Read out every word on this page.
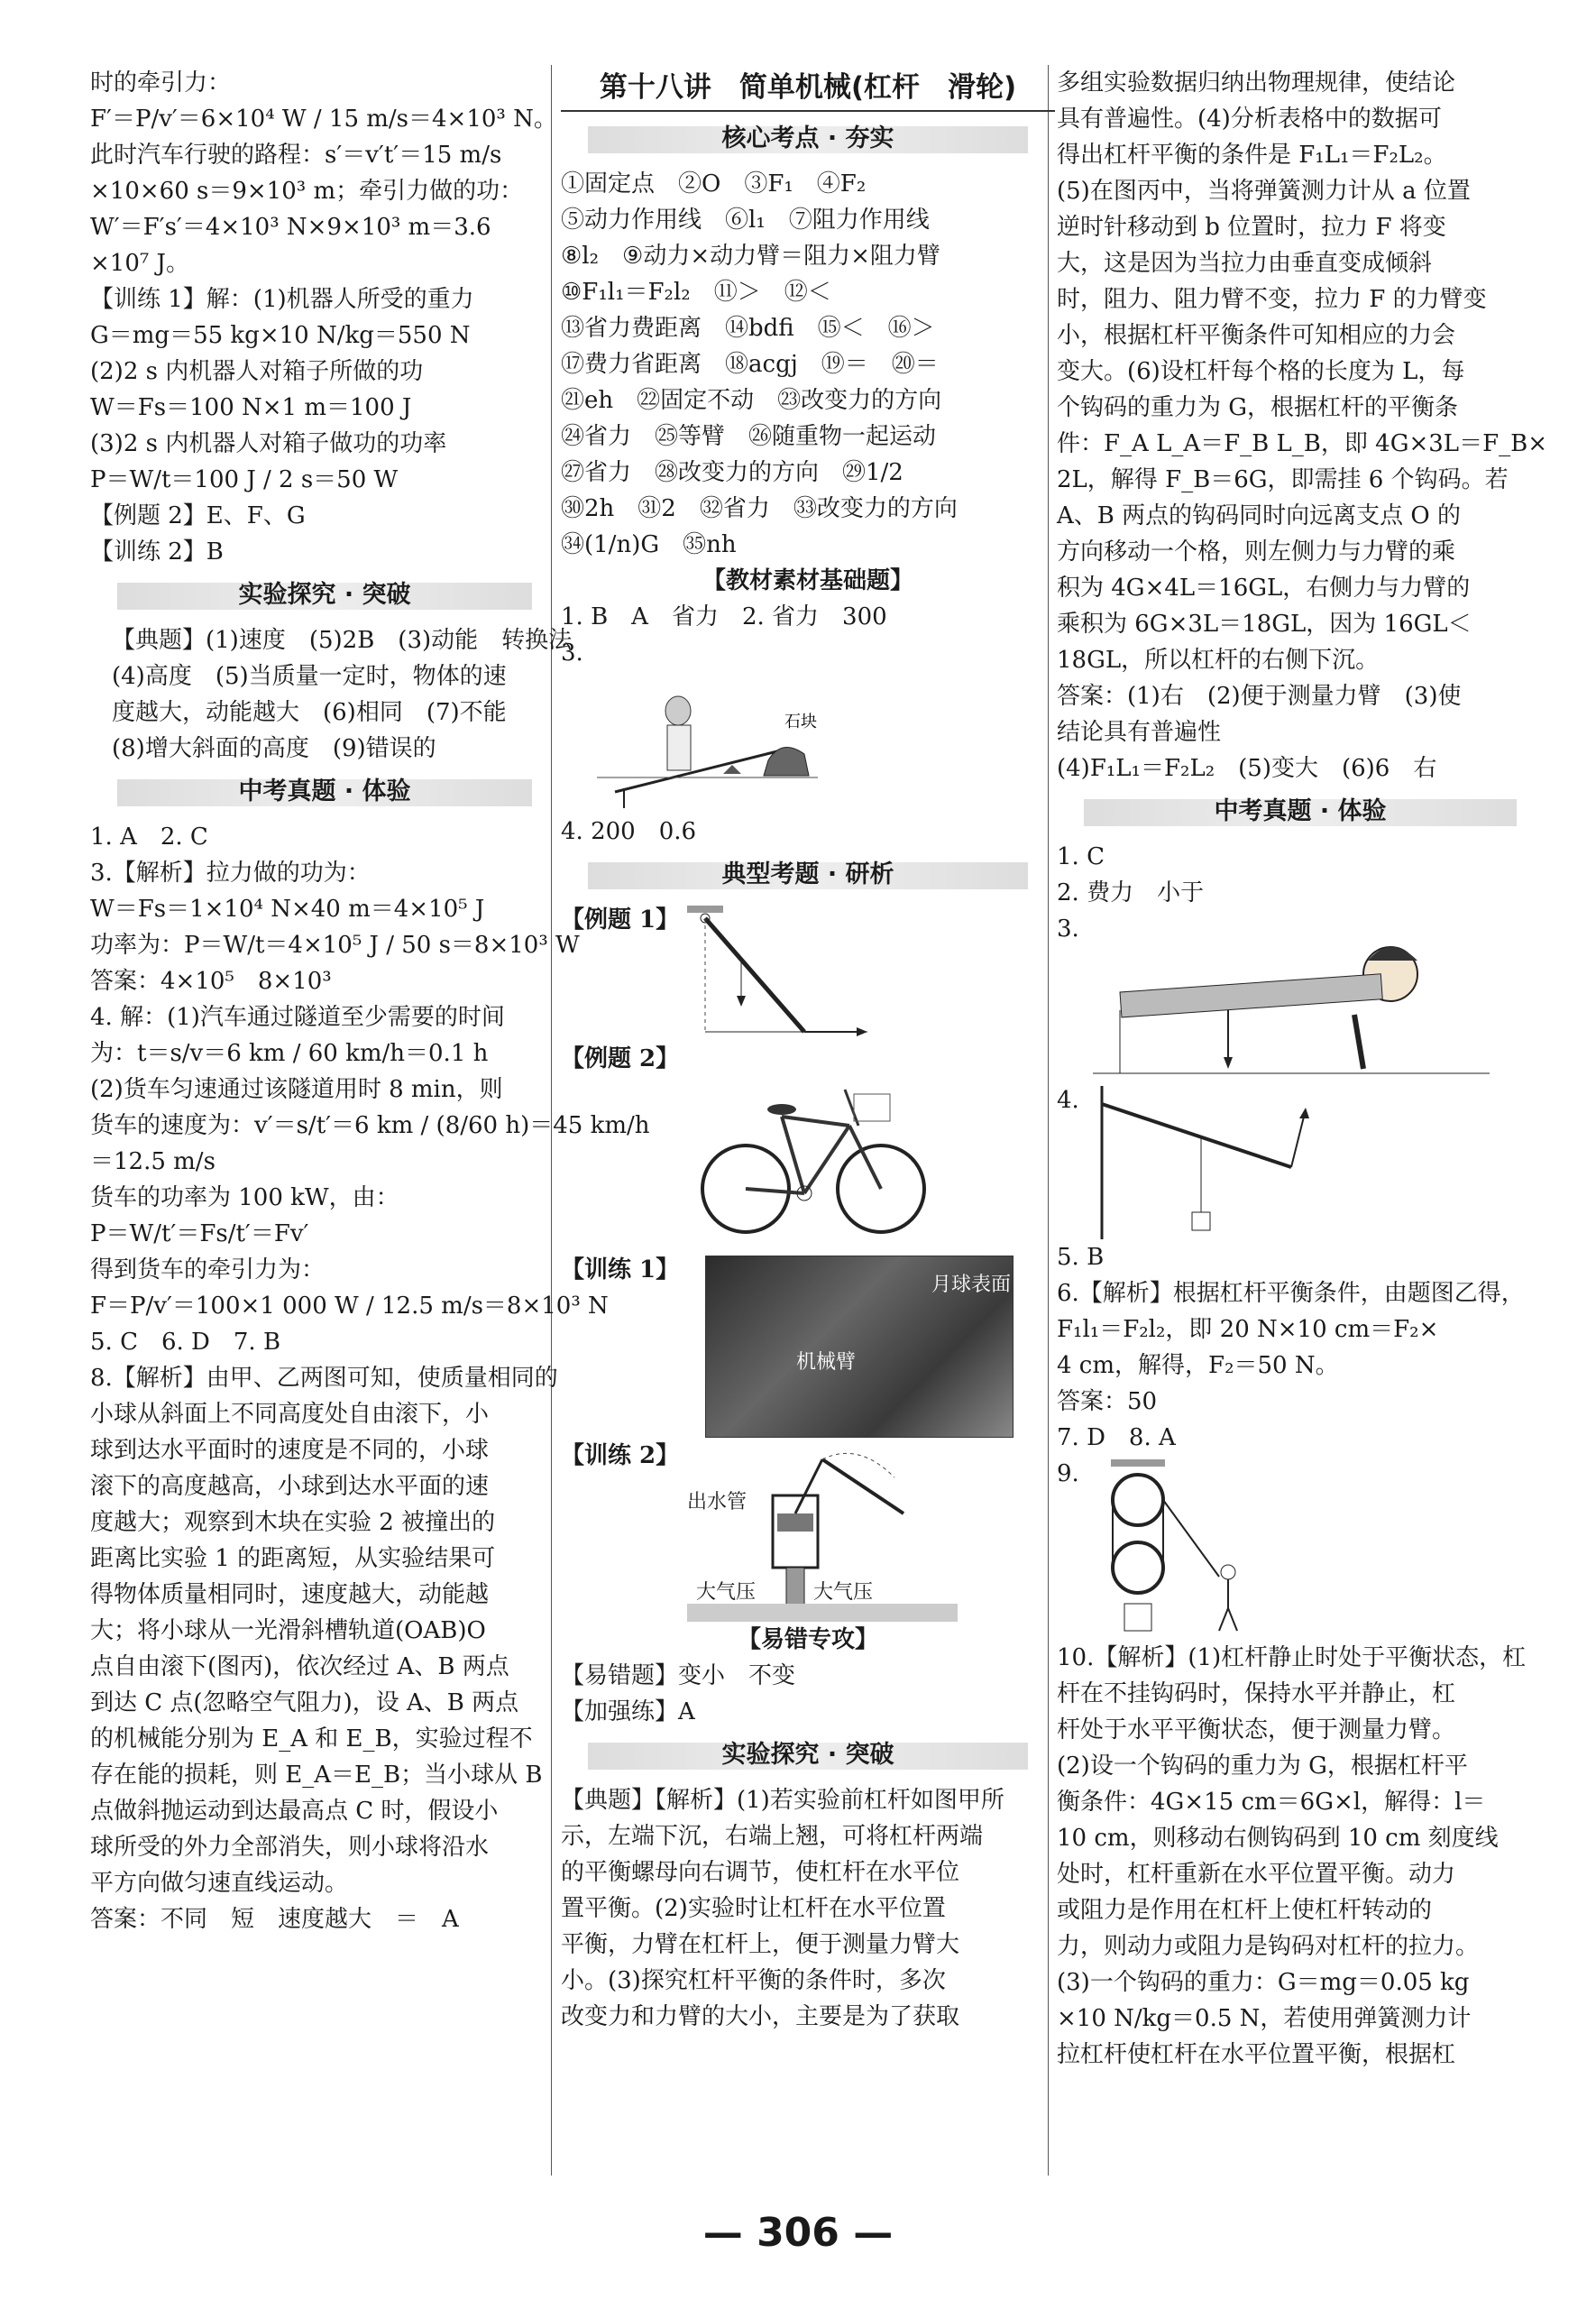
时的牵引力：
F′＝P/v′＝6×10⁴ W / 15 m/s＝4×10³ N。
此时汽车行驶的路程：s′＝v′t′＝15 m/s
×10×60 s＝9×10³ m；牵引力做的功：
W′＝F′s′＝4×10³ N×9×10³ m＝3.6
×10⁷ J。
【训练 1】解：(1)机器人所受的重力
G＝mg＝55 kg×10 N/kg＝550 N
(2)2 s 内机器人对箱子所做的功
W＝Fs＝100 N×1 m＝100 J
(3)2 s 内机器人对箱子做功的功率
P＝W/t＝100 J / 2 s＝50 W
【例题 2】E、F、G
【训练 2】B
实验探究 · 突破
【典题】(1)速度　(5)2B　(3)动能　转换法
(4)高度　(5)当质量一定时，物体的速
度越大，动能越大　(6)相同　(7)不能
(8)增大斜面的高度　(9)错误的
中考真题 · 体验
1. A　2. C
3.【解析】拉力做的功为：
W＝Fs＝1×10⁴ N×40 m＝4×10⁵ J
功率为：P＝W/t＝4×10⁵ J / 50 s＝8×10³ W
答案：4×10⁵　8×10³
4. 解：(1)汽车通过隧道至少需要的时间
为：t＝s/v＝6 km / 60 km/h＝0.1 h
(2)货车匀速通过该隧道用时 8 min，则
货车的速度为：v′＝s/t′＝6 km / (8/60 h)＝45 km/h
＝12.5 m/s
货车的功率为 100 kW，由：
P＝W/t′＝Fs/t′＝Fv′
得到货车的牵引力为：
F＝P/v′＝100×1 000 W / 12.5 m/s＝8×10³ N
5. C　6. D　7. B
8.【解析】由甲、乙两图可知，使质量相同的
小球从斜面上不同高度处自由滚下，小
球到达水平面时的速度是不同的，小球
滚下的高度越高，小球到达水平面的速
度越大；观察到木块在实验 2 被撞出的
距离比实验 1 的距离短，从实验结果可
得物体质量相同时，速度越大，动能越
大；将小球从一光滑斜槽轨道(OAB)O
点自由滚下(图丙)，依次经过 A、B 两点
到达 C 点(忽略空气阻力)，设 A、B 两点
的机械能分别为 E_A 和 E_B，实验过程不
存在能的损耗，则 E_A＝E_B；当小球从 B
点做斜抛运动到达最高点 C 时，假设小
球所受的外力全部消失，则小球将沿水
平方向做匀速直线运动。
答案：不同　短　速度越大　＝　A
第十八讲　简单机械(杠杆　滑轮)
核心考点 · 夯实
①固定点　②O　③F₁　④F₂
⑤动力作用线　⑥l₁　⑦阻力作用线
⑧l₂　⑨动力×动力臂＝阻力×阻力臂
⑩F₁l₁＝F₂l₂　⑪＞　⑫＜
⑬省力费距离　⑭bdfi　⑮＜　⑯＞
⑰费力省距离　⑱acgj　⑲＝　⑳＝
㉑eh　㉒固定不动　㉓改变力的方向
㉔省力　㉕等臂　㉖随重物一起运动
㉗省力　㉘改变力的方向　㉙1/2
㉚2h　㉛2　㉜省力　㉝改变力的方向
㉞(1/n)G　㉟nh
【教材素材基础题】
1. B　A　省力　2. 省力　300
3.
石块
4. 200　0.6
典型考题 · 研析
【例题 1】
【例题 2】
【训练 1】
月球表面
机械臂
【训练 2】
出水管
大气压	大气压
【易错专攻】
【易错题】变小　不变
【加强练】A
实验探究 · 突破
【典题】【解析】(1)若实验前杠杆如图甲所
示，左端下沉，右端上翘，可将杠杆两端
的平衡螺母向右调节，使杠杆在水平位
置平衡。(2)实验时让杠杆在水平位置
平衡，力臂在杠杆上，便于测量力臂大
小。(3)探究杠杆平衡的条件时，多次
改变力和力臂的大小，主要是为了获取
多组实验数据归纳出物理规律，使结论
具有普遍性。(4)分析表格中的数据可
得出杠杆平衡的条件是 F₁L₁＝F₂L₂。
(5)在图丙中，当将弹簧测力计从 a 位置
逆时针移动到 b 位置时，拉力 F 将变
大，这是因为当拉力由垂直变成倾斜
时，阻力、阻力臂不变，拉力 F 的力臂变
小，根据杠杆平衡条件可知相应的力会
变大。(6)设杠杆每个格的长度为 L，每
个钩码的重力为 G，根据杠杆的平衡条
件：F_A L_A＝F_B L_B，即 4G×3L＝F_B×
2L，解得 F_B＝6G，即需挂 6 个钩码。若
A、B 两点的钩码同时向远离支点 O 的
方向移动一个格，则左侧力与力臂的乘
积为 4G×4L＝16GL，右侧力与力臂的
乘积为 6G×3L＝18GL，因为 16GL＜
18GL，所以杠杆的右侧下沉。
答案：(1)右　(2)便于测量力臂　(3)使
结论具有普遍性
(4)F₁L₁＝F₂L₂　(5)变大　(6)6　右
中考真题 · 体验
1. C
2. 费力　小于
3.
4.
5. B
6.【解析】根据杠杆平衡条件，由题图乙得，
F₁l₁＝F₂l₂，即 20 N×10 cm＝F₂×
4 cm，解得，F₂＝50 N。
答案：50
7. D　8. A
9.
10.【解析】(1)杠杆静止时处于平衡状态，杠
杆在不挂钩码时，保持水平并静止，杠
杆处于水平平衡状态，便于测量力臂。
(2)设一个钩码的重力为 G，根据杠杆平
衡条件：4G×15 cm＝6G×l，解得：l＝
10 cm，则移动右侧钩码到 10 cm 刻度线
处时，杠杆重新在水平位置平衡。动力
或阻力是作用在杠杆上使杠杆转动的
力，则动力或阻力是钩码对杠杆的拉力。
(3)一个钩码的重力：G＝mg＝0.05 kg
×10 N/kg＝0.5 N，若使用弹簧测力计
拉杠杆使杠杆在水平位置平衡，根据杠
— 306 —
